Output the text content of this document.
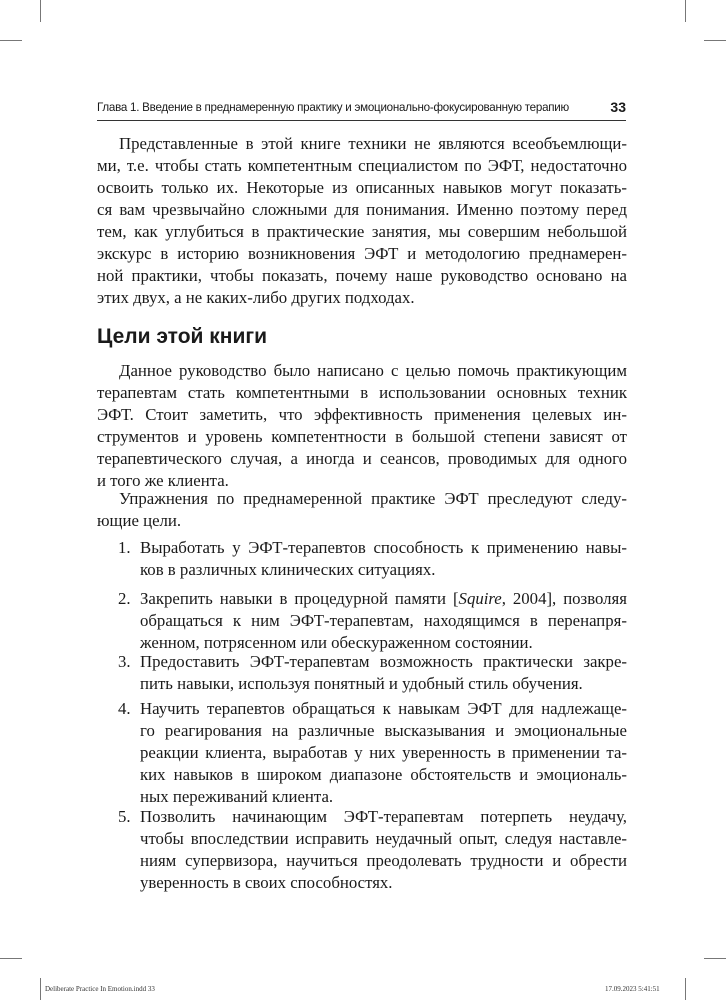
Глава 1. Введение в преднамеренную практику и эмоционально-фокусированную терапию	33
Представленные в этой книге техники не являются всеобъемлющи-
ми, т.е. чтобы стать компетентным специалистом по ЭФТ, недостаточно
освоить только их. Некоторые из описанных навыков могут показать-
ся вам чрезвычайно сложными для понимания. Именно поэтому перед
тем, как углубиться в практические занятия, мы совершим небольшой
экскурс в историю возникновения ЭФТ и методологию преднамерен-
ной практики, чтобы показать, почему наше руководство основано на
этих двух, а не каких-либо других подходах.
Цели этой книги
Данное руководство было написано с целью помочь практикующим
терапевтам стать компетентными в использовании основных техник
ЭФТ. Стоит заметить, что эффективность применения целевых ин-
струментов и уровень компетентности в большой степени зависят от
терапевтического случая, а иногда и сеансов, проводимых для одного
и того же клиента.
Упражнения по преднамеренной практике ЭФТ преследуют следу-
ющие цели.
1. Выработать у ЭФТ-терапевтов способность к применению навы-
ков в различных клинических ситуациях.
2. Закрепить навыки в процедурной памяти [Squire, 2004], позволяя
обращаться к ним ЭФТ-терапевтам, находящимся в перенапря-
женном, потрясенном или обескураженном состоянии.
3. Предоставить ЭФТ-терапевтам возможность практически закре-
пить навыки, используя понятный и удобный стиль обучения.
4. Научить терапевтов обращаться к навыкам ЭФТ для надлежаще-
го реагирования на различные высказывания и эмоциональные
реакции клиента, выработав у них уверенность в применении та-
ких навыков в широком диапазоне обстоятельств и эмоциональ-
ных переживаний клиента.
5. Позволить начинающим ЭФТ-терапевтам потерпеть неудачу,
чтобы впоследствии исправить неудачный опыт, следуя наставле-
ниям супервизора, научиться преодолевать трудности и обрести
уверенность в своих способностях.
Deliberate Practice In Emotion.indd 33	17.09.2023 5:41:51
